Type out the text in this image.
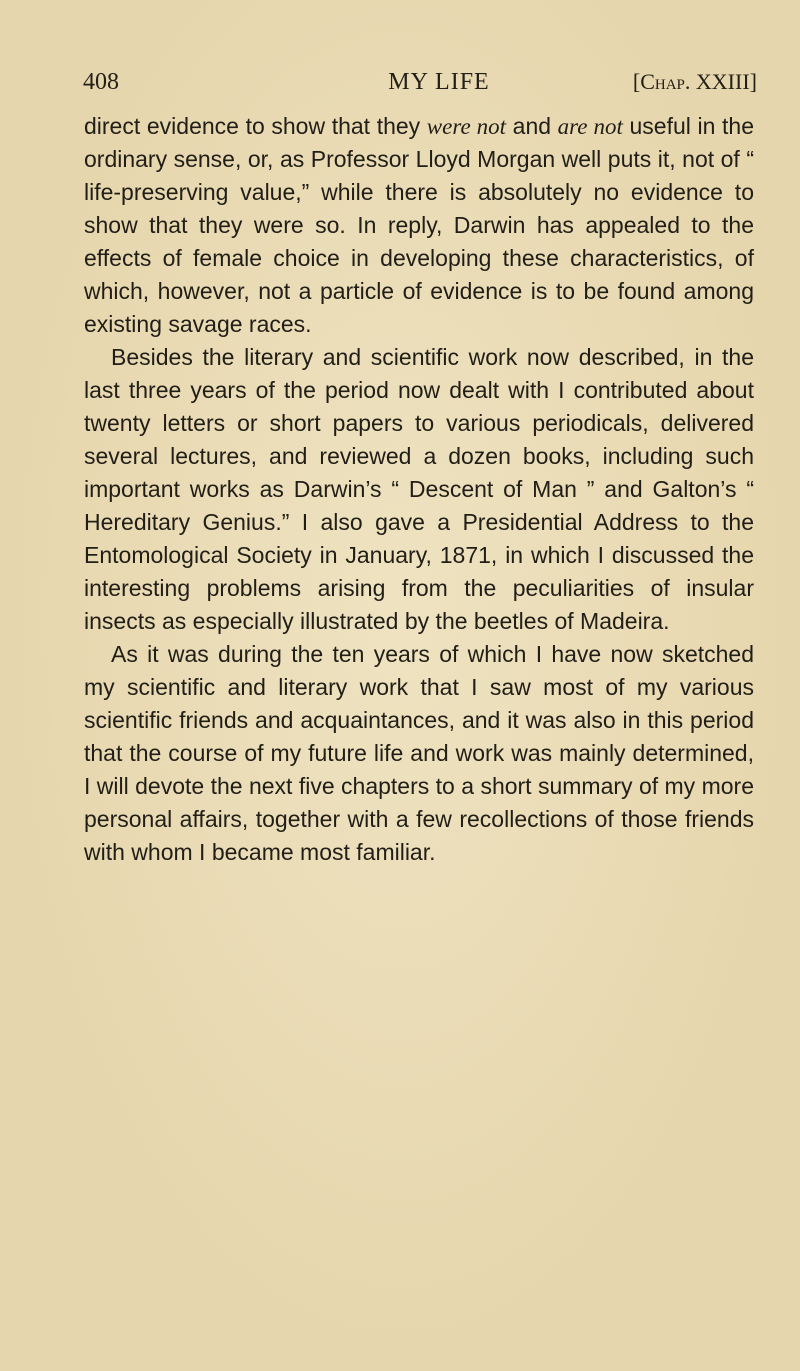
408	MY LIFE	[Chap. XXIII]

direct evidence to show that they were not and are not useful in the ordinary sense, or, as Professor Lloyd Morgan well puts it, not of “ life-preserving value,” while there is absolutely no evidence to show that they were so. In reply, Darwin has appealed to the effects of female choice in developing these characteristics, of which, however, not a particle of evidence is to be found among existing savage races.

Besides the literary and scientific work now described, in the last three years of the period now dealt with I contributed about twenty letters or short papers to various periodicals, delivered several lectures, and reviewed a dozen books, including such important works as Darwin’s “ Descent of Man ” and Galton’s “ Hereditary Genius.” I also gave a Presidential Address to the Entomological Society in January, 1871, in which I discussed the interesting problems arising from the peculiarities of insular insects as especially illustrated by the beetles of Madeira.

As it was during the ten years of which I have now sketched my scientific and literary work that I saw most of my various scientific friends and acquaintances, and it was also in this period that the course of my future life and work was mainly determined, I will devote the next five chapters to a short summary of my more personal affairs, together with a few recollections of those friends with whom I became most familiar.
